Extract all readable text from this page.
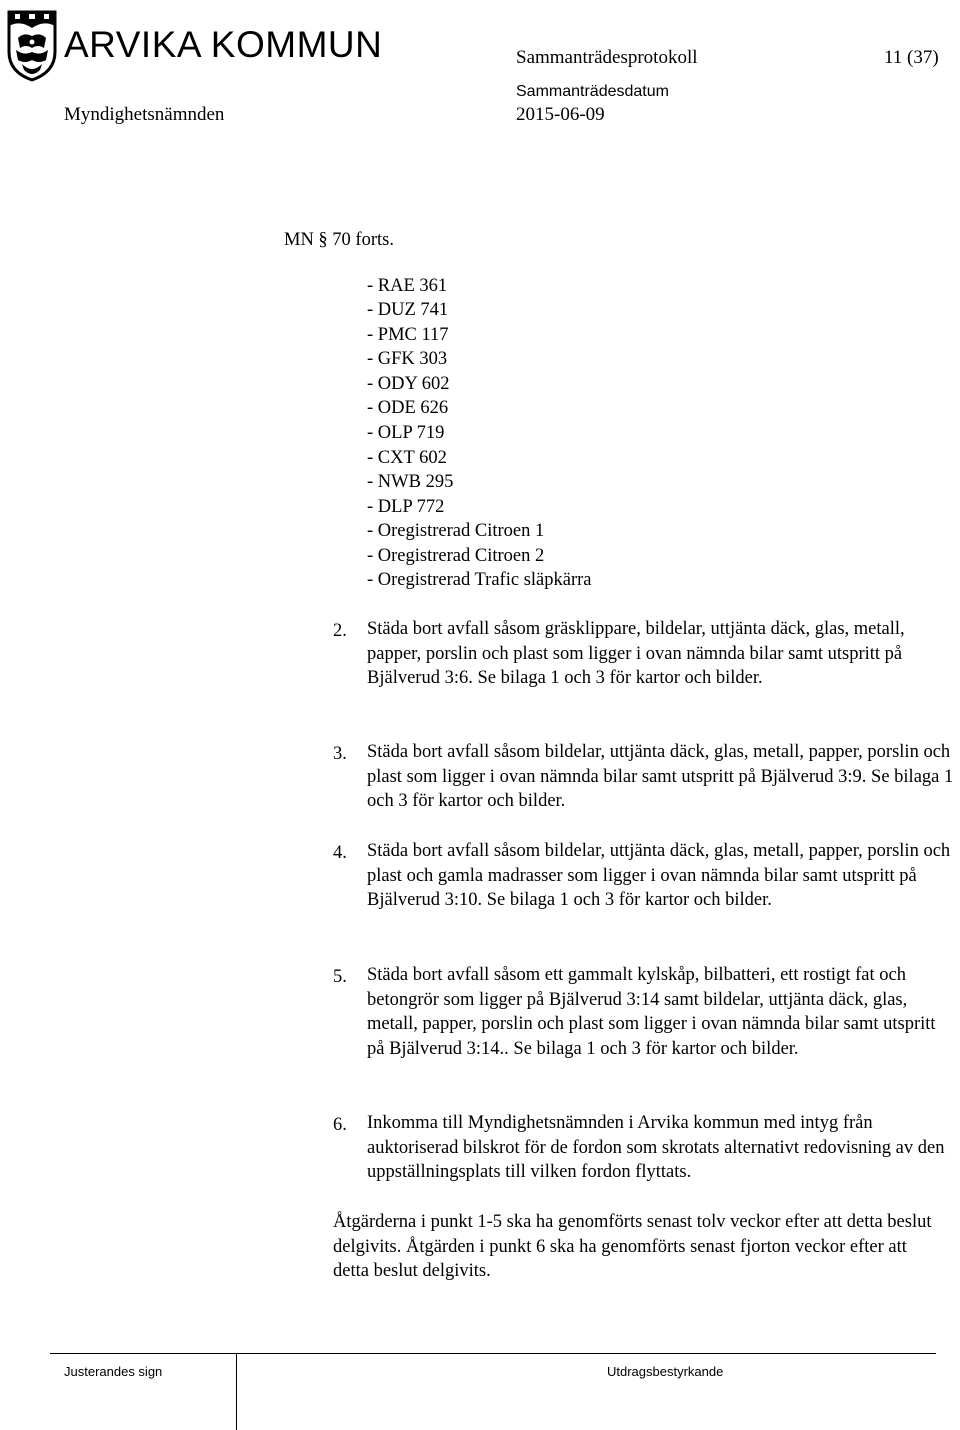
ARVIKA KOMMUN	Sammanträdesprotokoll	11 (37)
Myndighetsnämnden
Sammanträdesdatum
2015-06-09
MN § 70 forts.
- RAE 361
- DUZ 741
- PMC 117
- GFK 303
- ODY 602
- ODE 626
- OLP 719
- CXT 602
- NWB 295
- DLP 772
- Oregistrerad Citroen 1
- Oregistrerad Citroen 2
- Oregistrerad Trafic släpkärra
2. Städa bort avfall såsom gräsklippare, bildelar, uttjänta däck, glas, metall, papper, porslin och plast som ligger i ovan nämnda bilar samt utspritt på Bjälverud 3:6. Se bilaga 1 och 3 för kartor och bilder.
3. Städa bort avfall såsom bildelar, uttjänta däck, glas, metall, papper, porslin och plast som ligger i ovan nämnda bilar samt utspritt på Bjälverud 3:9. Se bilaga 1 och 3 för kartor och bilder.
4. Städa bort avfall såsom bildelar, uttjänta däck, glas, metall, papper, porslin och plast och gamla madrasser som ligger i ovan nämnda bilar samt utspritt på Bjälverud 3:10. Se bilaga 1 och 3 för kartor och bilder.
5. Städa bort avfall såsom ett gammalt kylskåp, bilbatteri, ett rostigt fat och betongrör som ligger på Bjälverud 3:14 samt bildelar, uttjänta däck, glas, metall, papper, porslin och plast som ligger i ovan nämnda bilar samt utspritt på Bjälverud 3:14.. Se bilaga 1 och 3 för kartor och bilder.
6. Inkomma till Myndighetsnämnden i Arvika kommun med intyg från auktoriserad bilskrot för de fordon som skrotats alternativt redovisning av den uppställningsplats till vilken fordon flyttats.
Åtgärderna i punkt 1-5 ska ha genomförts senast tolv veckor efter att detta beslut delgivits. Åtgärden i punkt 6 ska ha genomförts senast fjorton veckor efter att detta beslut delgivits.
Justerandes sign	Utdragsbestyrkande
